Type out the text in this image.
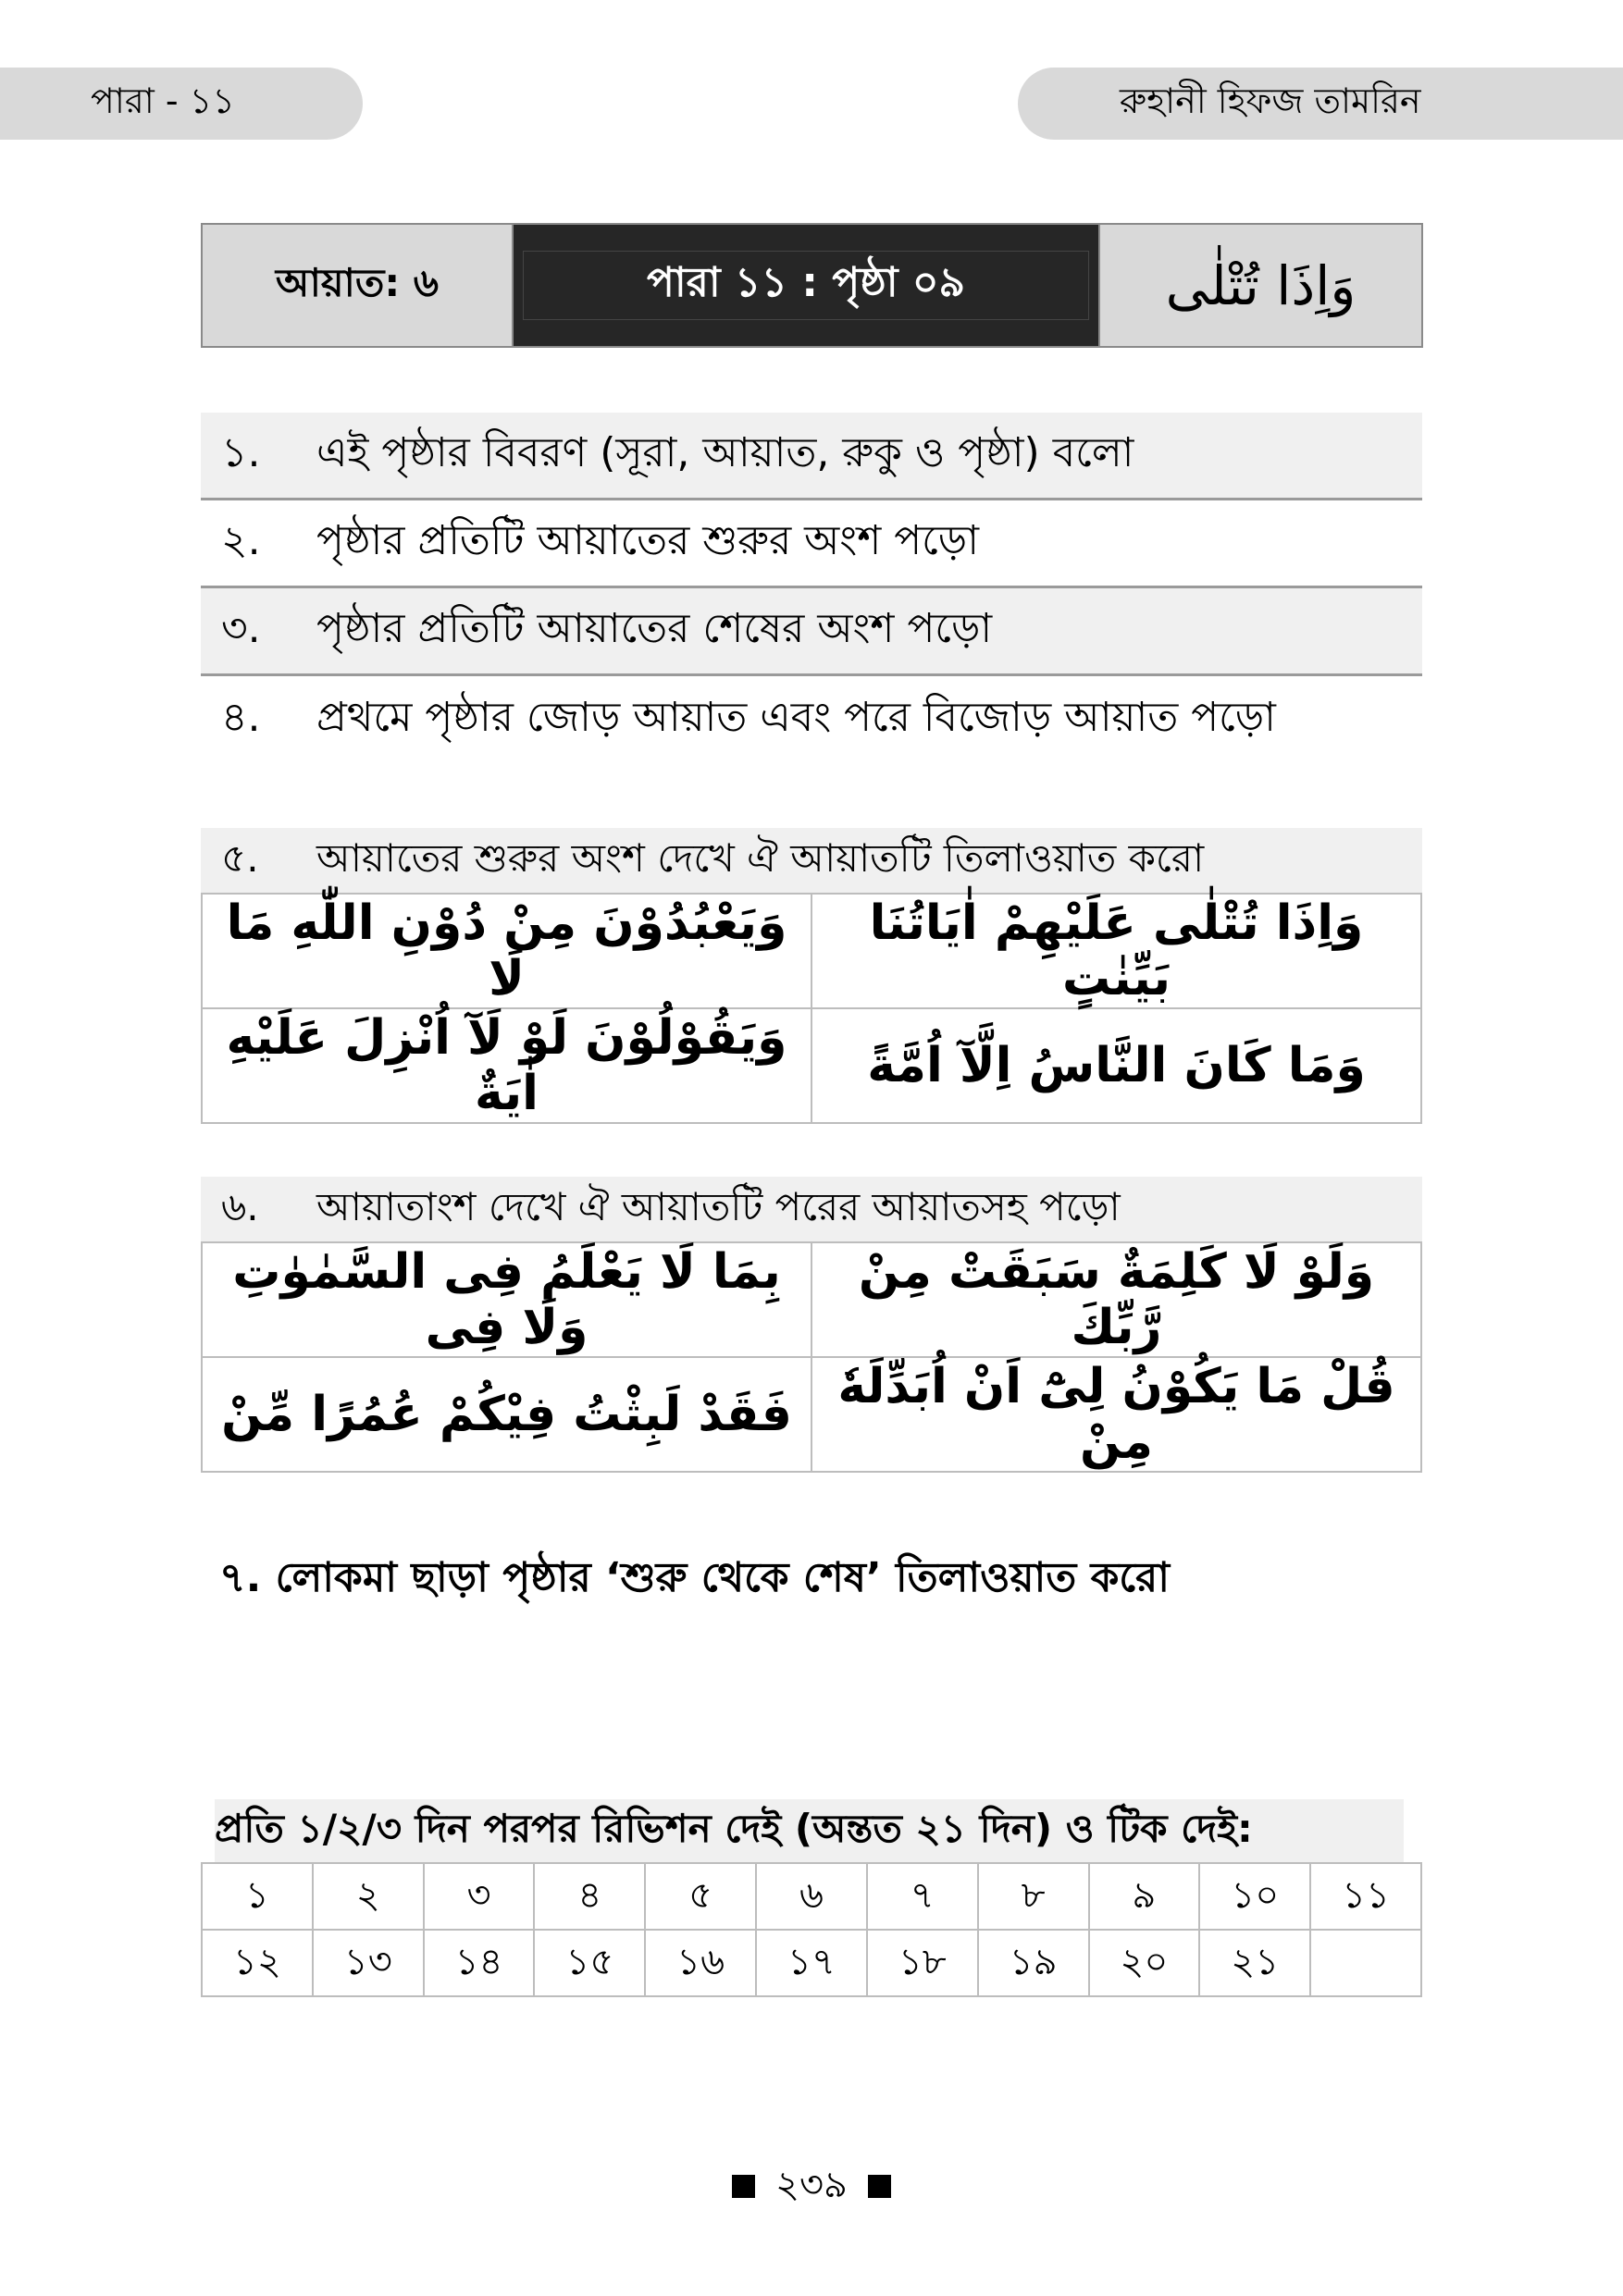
পারা - ১১	রুহানী হিফজ তামরিন
আয়াত: ৬	পারা ১১ : পৃষ্ঠা ০৯	وَاِذَا تُتْلٰى
১.	এই পৃষ্ঠার বিবরণ (সূরা, আয়াত, রুকু ও পৃষ্ঠা) বলো
২.	পৃষ্ঠার প্রতিটি আয়াতের শুরুর অংশ পড়ো
৩.	পৃষ্ঠার প্রতিটি আয়াতের শেষের অংশ পড়ো
৪.	প্রথমে পৃষ্ঠার জোড় আয়াত এবং পরে বিজোড় আয়াত পড়ো
৫.	আয়াতের শুরুর অংশ দেখে ঐ আয়াতটি তিলাওয়াত করো
وَيَعْبُدُوْنَ مِنْ دُوْنِ اللّٰهِ مَا لَا	وَاِذَا تُتْلٰى عَلَيْهِمْ اٰيَاتُنَا بَيِّنٰتٍ
وَيَقُوْلُوْنَ لَوْ لَآ اُنْزِلَ عَلَيْهِ اٰيَةٌ	وَمَا كَانَ النَّاسُ اِلَّآ اُمَّةً
৬.	আয়াতাংশ দেখে ঐ আয়াতটি পরের আয়াতসহ পড়ো
بِمَا لَا يَعْلَمُ فِى السَّمٰوٰتِ وَلَا فِى	وَلَوْ لَا كَلِمَةٌ سَبَقَتْ مِنْ رَّبِّكَ
فَقَدْ لَبِثْتُ فِيْكُمْ عُمُرًا مِّنْ	قُلْ مَا يَكُوْنُ لِىْٓ اَنْ اُبَدِّلَهٗ مِنْ
৭. লোকমা ছাড়া পৃষ্ঠার ‘শুরু থেকে শেষ’ তিলাওয়াত করো
প্রতি ১/২/৩ দিন পরপর রিভিশন দেই (অন্তত ২১ দিন) ও টিক দেই:
১	২	৩	৪	৫	৬	৭	৮	৯	১০	১১
১২	১৩	১৪	১৫	১৬	১৭	১৮	১৯	২০	২১	
২৩৯
